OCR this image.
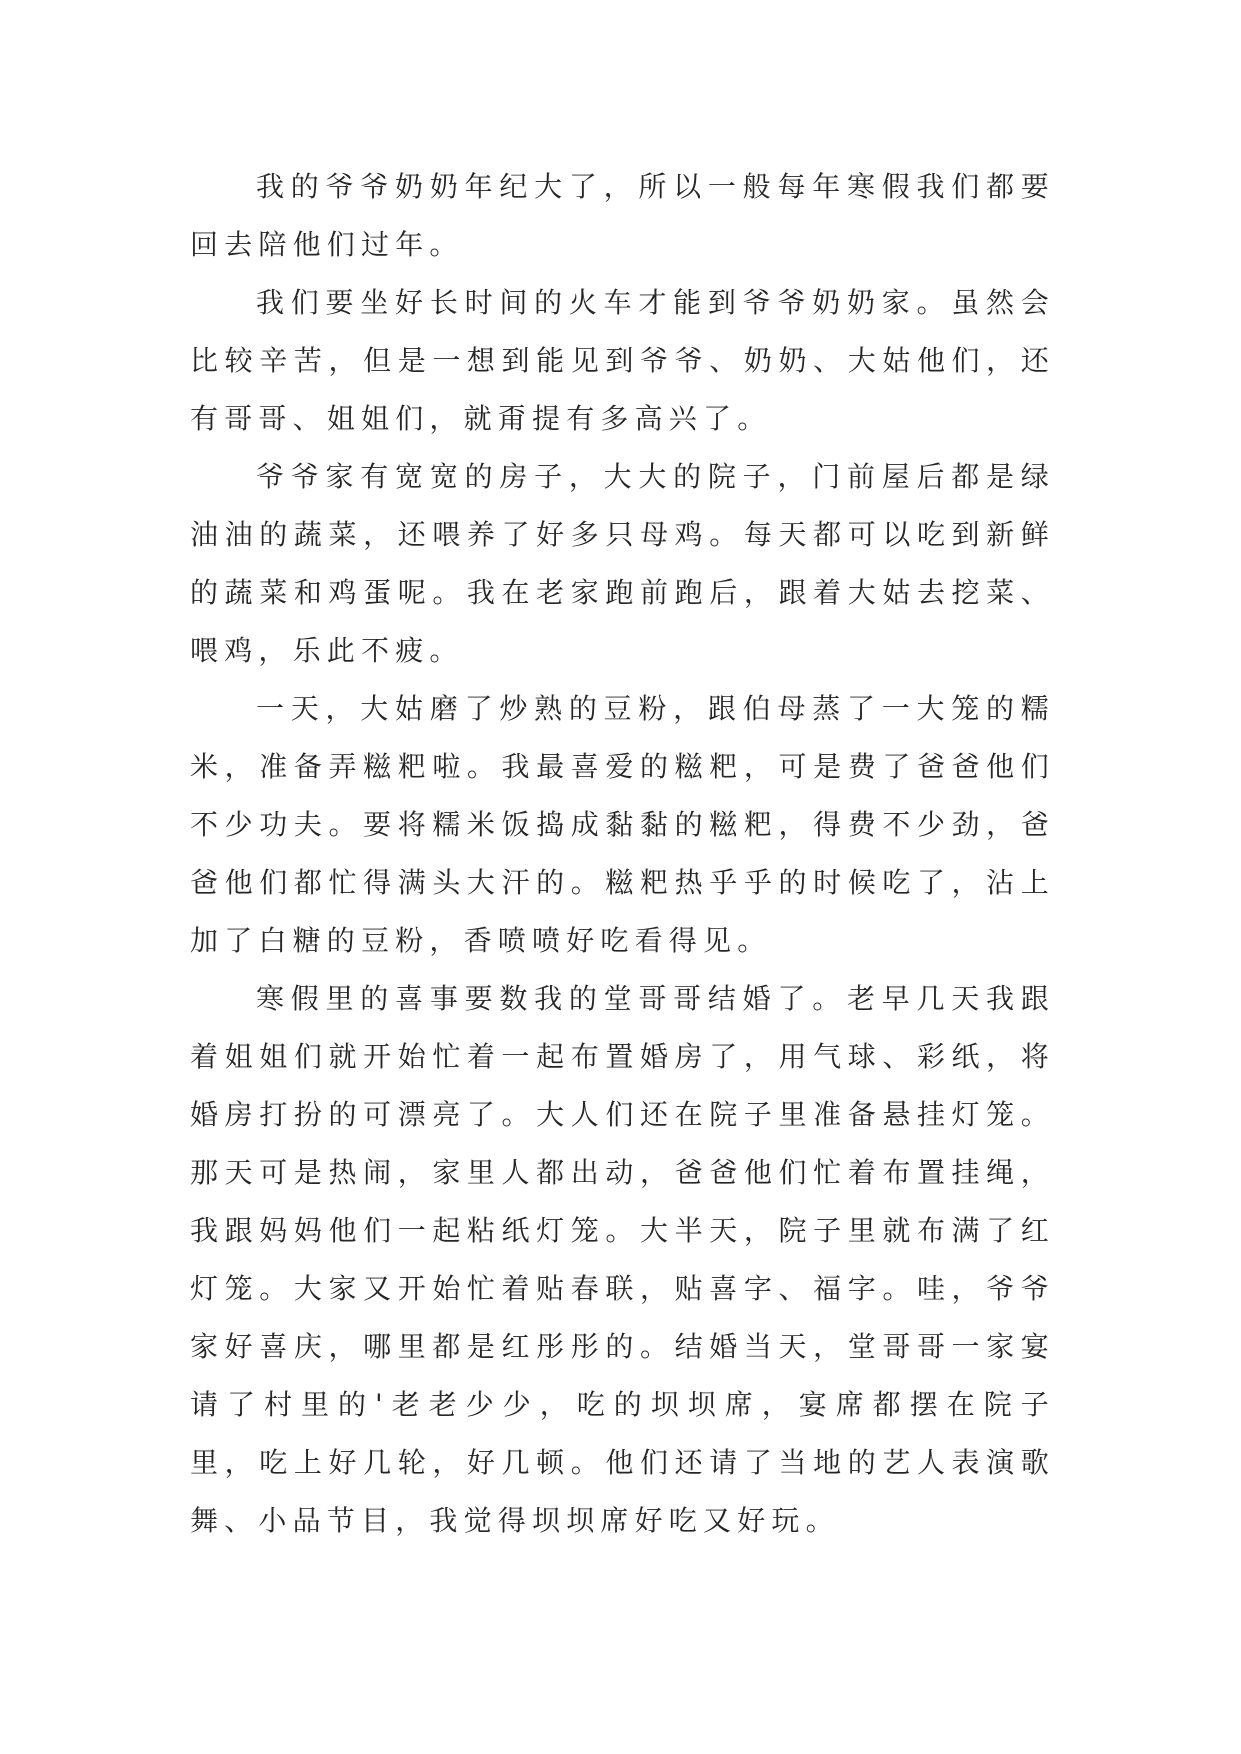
我的爷爷奶奶年纪大了，所以一般每年寒假我们都要回去陪他们过年。

我们要坐好长时间的火车才能到爷爷奶奶家。虽然会比较辛苦，但是一想到能见到爷爷、奶奶、大姑他们，还有哥哥、姐姐们，就甭提有多高兴了。

爷爷家有宽宽的房子，大大的院子，门前屋后都是绿油油的蔬菜，还喂养了好多只母鸡。每天都可以吃到新鲜的蔬菜和鸡蛋呢。我在老家跑前跑后，跟着大姑去挖菜、喂鸡，乐此不疲。

一天，大姑磨了炒熟的豆粉，跟伯母蒸了一大笼的糯米，准备弄糍粑啦。我最喜爱的糍粑，可是费了爸爸他们不少功夫。要将糯米饭捣成黏黏的糍粑，得费不少劲，爸爸他们都忙得满头大汗的。糍粑热乎乎的时候吃了，沾上加了白糖的豆粉，香喷喷好吃看得见。

寒假里的喜事要数我的堂哥哥结婚了。老早几天我跟着姐姐们就开始忙着一起布置婚房了，用气球、彩纸，将婚房打扮的可漂亮了。大人们还在院子里准备悬挂灯笼。那天可是热闹，家里人都出动，爸爸他们忙着布置挂绳，我跟妈妈他们一起粘纸灯笼。大半天，院子里就布满了红灯笼。大家又开始忙着贴春联，贴喜字、福字。哇，爷爷家好喜庆，哪里都是红彤彤的。结婚当天，堂哥哥一家宴请了村里的'老老少少，吃的坝坝席，宴席都摆在院子里，吃上好几轮，好几顿。他们还请了当地的艺人表演歌舞、小品节目，我觉得坝坝席好吃又好玩。
